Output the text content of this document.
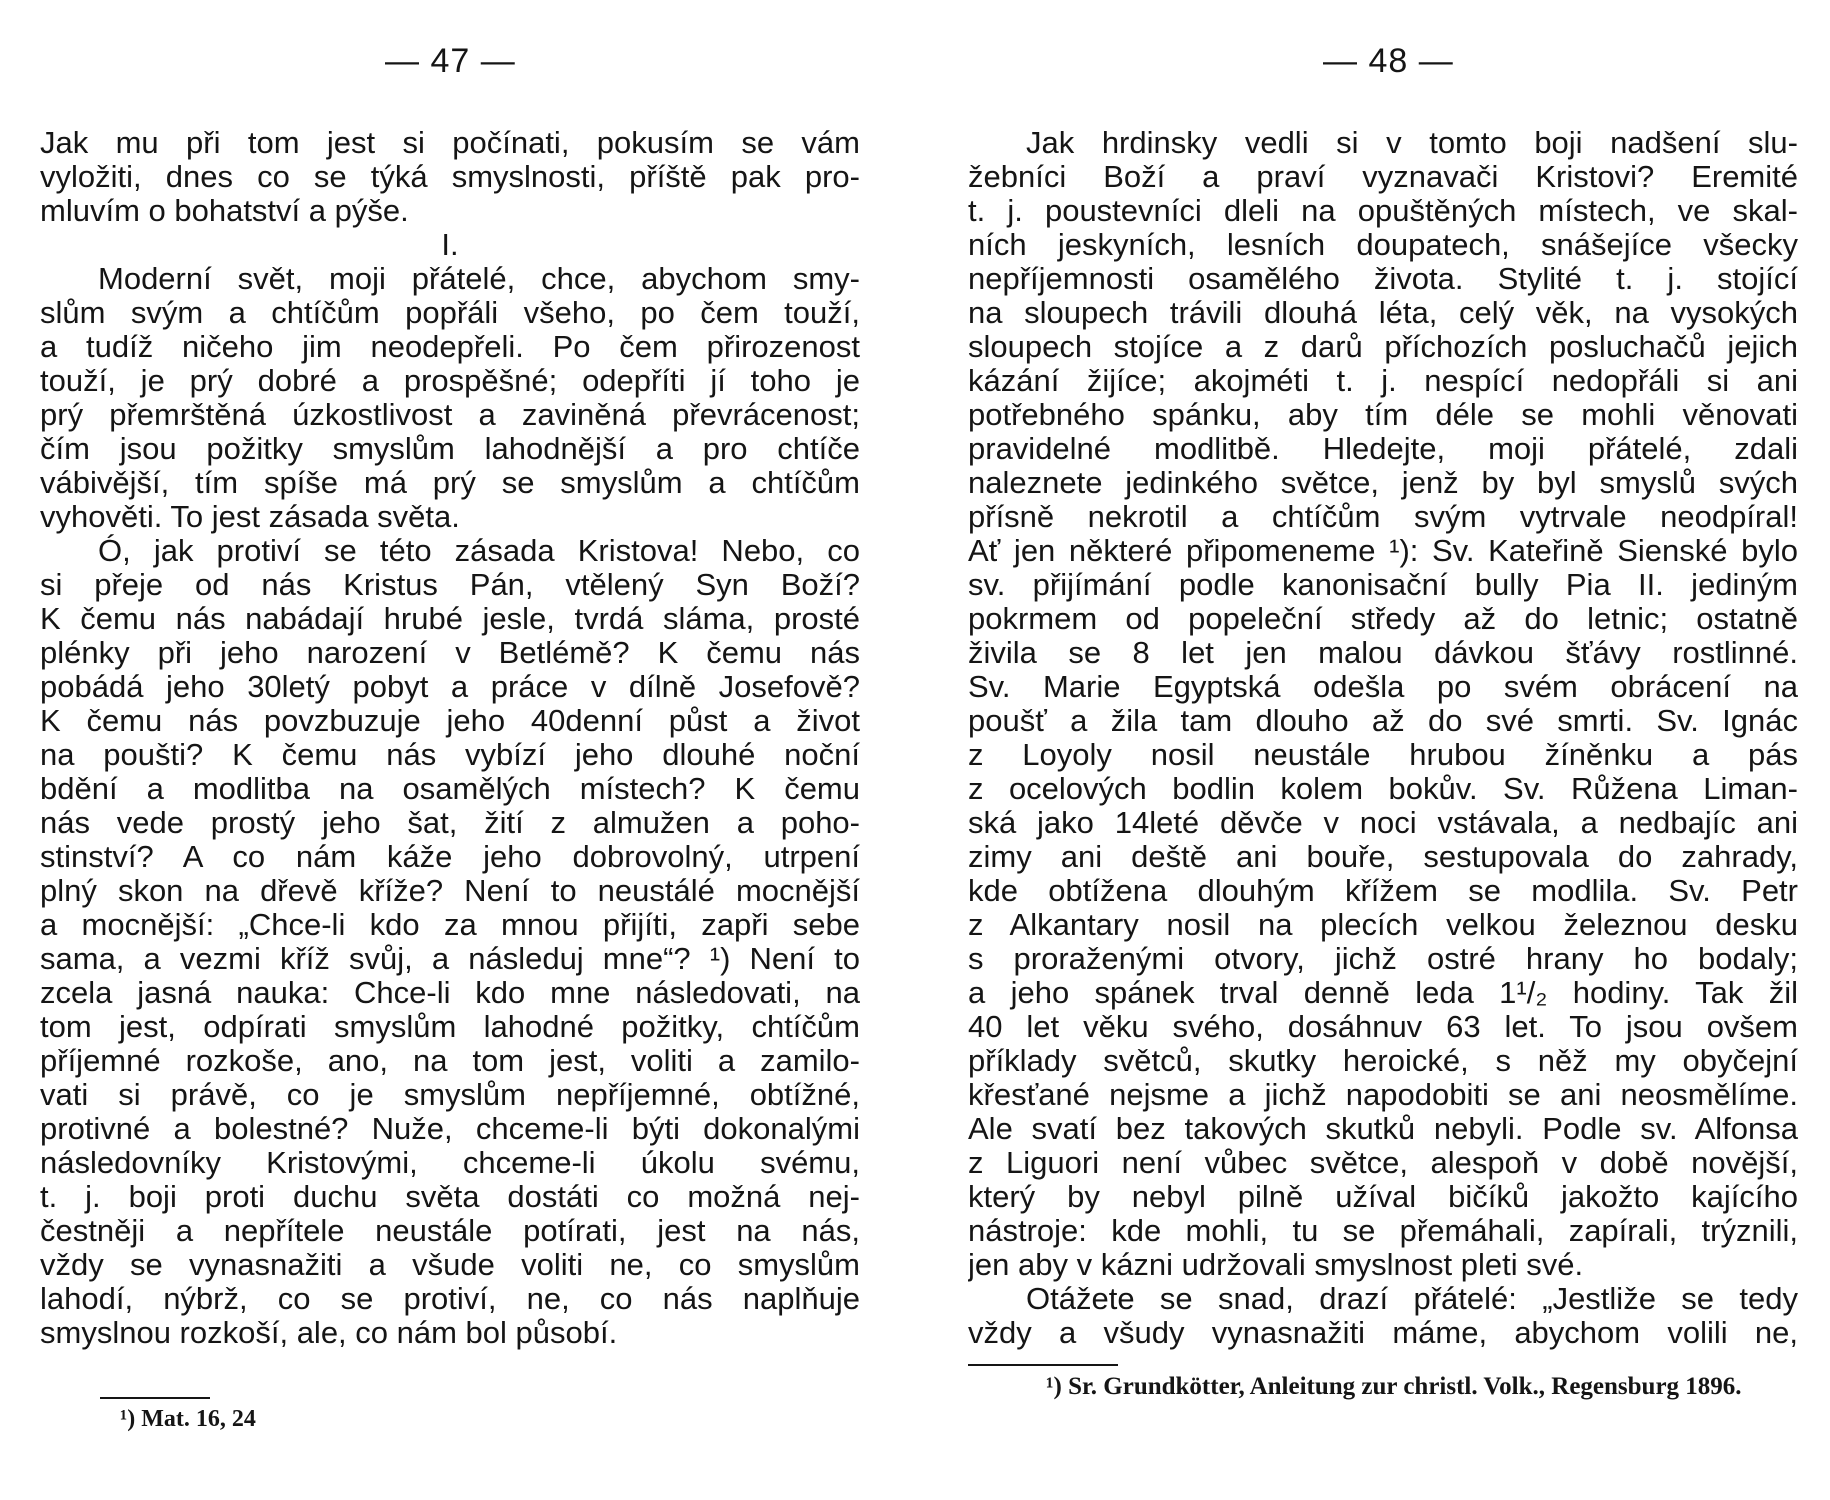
— 47 —
Jak mu při tom jest si počínati, pokusím se vám
vyložiti, dnes co se týká smyslnosti, příště pak pro-
mluvím o bohatství a pýše.
I.
Moderní svět, moji přátelé, chce, abychom smy-
slům svým a chtíčům popřáli všeho, po čem touží,
a tudíž ničeho jim neodepřeli. Po čem přirozenost
touží, je prý dobré a prospěšné; odepříti jí toho je
prý přemrštěná úzkostlivost a zaviněná převrácenost;
čím jsou požitky smyslům lahodnější a pro chtíče
vábivější, tím spíše má prý se smyslům a chtíčům
vyhověti. To jest zásada světa.
Ó, jak protiví se této zásada Kristova! Nebo, co
si přeje od nás Kristus Pán, vtělený Syn Boží?
K čemu nás nabádají hrubé jesle, tvrdá sláma, prosté
plénky při jeho narození v Betlémě? K čemu nás
pobádá jeho 30letý pobyt a práce v dílně Josefově?
K čemu nás povzbuzuje jeho 40denní půst a život
na poušti? K čemu nás vybízí jeho dlouhé noční
bdění a modlitba na osamělých místech? K čemu
nás vede prostý jeho šat, žití z almužen a poho-
stinství? A co nám káže jeho dobrovolný, utrpení
plný skon na dřevě kříže? Není to neustálé mocnější
a mocnější: „Chce-li kdo za mnou přijíti, zapři sebe
sama, a vezmi kříž svůj, a následuj mne“? ¹) Není to
zcela jasná nauka: Chce-li kdo mne následovati, na
tom jest, odpírati smyslům lahodné požitky, chtíčům
příjemné rozkoše, ano, na tom jest, voliti a zamilo-
vati si právě, co je smyslům nepříjemné, obtížné,
protivné a bolestné? Nuže, chceme-li býti dokonalými
následovníky Kristovými, chceme-li úkolu svému,
t. j. boji proti duchu světa dostáti co možná nej-
čestněji a nepřítele neustále potírati, jest na nás,
vždy se vynasnažiti a všude voliti ne, co smyslům
lahodí, nýbrž, co se protiví, ne, co nás naplňuje
smyslnou rozkoší, ale, co nám bol působí.
¹) Mat. 16, 24
— 48 —
Jak hrdinsky vedli si v tomto boji nadšení slu-
žebníci Boží a praví vyznavači Kristovi? Eremité
t. j. poustevníci dleli na opuštěných místech, ve skal-
ních jeskyních, lesních doupatech, snášejíce všecky
nepříjemnosti osamělého života. Stylité t. j. stojící
na sloupech trávili dlouhá léta, celý věk, na vysokých
sloupech stojíce a z darů příchozích posluchačů jejich
kázání žijíce; akojméti t. j. nespící nedopřáli si ani
potřebného spánku, aby tím déle se mohli věnovati
pravidelné modlitbě. Hledejte, moji přátelé, zdali
naleznete jedinkého světce, jenž by byl smyslů svých
přísně nekrotil a chtíčům svým vytrvale neodpíral!
Ať jen některé připomeneme ¹): Sv. Kateřině Sienské bylo
sv. přijímání podle kanonisační bully Pia II. jediným
pokrmem od popeleční středy až do letnic; ostatně
živila se 8 let jen malou dávkou šťávy rostlinné.
Sv. Marie Egyptská odešla po svém obrácení na
poušť a žila tam dlouho až do své smrti. Sv. Ignác
z Loyoly nosil neustále hrubou žíněnku a pás
z ocelových bodlin kolem bokův. Sv. Růžena Liman-
ská jako 14leté děvče v noci vstávala, a nedbajíc ani
zimy ani deště ani bouře, sestupovala do zahrady,
kde obtížena dlouhým křížem se modlila. Sv. Petr
z Alkantary nosil na plecích velkou železnou desku
s proraženými otvory, jichž ostré hrany ho bodaly;
a jeho spánek trval denně leda 1¹/₂ hodiny. Tak žil
40 let věku svého, dosáhnuv 63 let. To jsou ovšem
příklady světců, skutky heroické, s něž my obyčejní
křesťané nejsme a jichž napodobiti se ani neosmělíme.
Ale svatí bez takových skutků nebyli. Podle sv. Alfonsa
z Liguori není vůbec světce, alespoň v době novější,
který by nebyl pilně užíval bičíků jakožto kajícího
nástroje: kde mohli, tu se přemáhali, zapírali, trýznili,
jen aby v kázni udržovali smyslnost pleti své.
Otážete se snad, drazí přátelé: „Jestliže se tedy
vždy a všudy vynasnažiti máme, abychom volili ne,
¹) Sr. Grundkötter, Anleitung zur christl. Volk., Regensburg 1896.
